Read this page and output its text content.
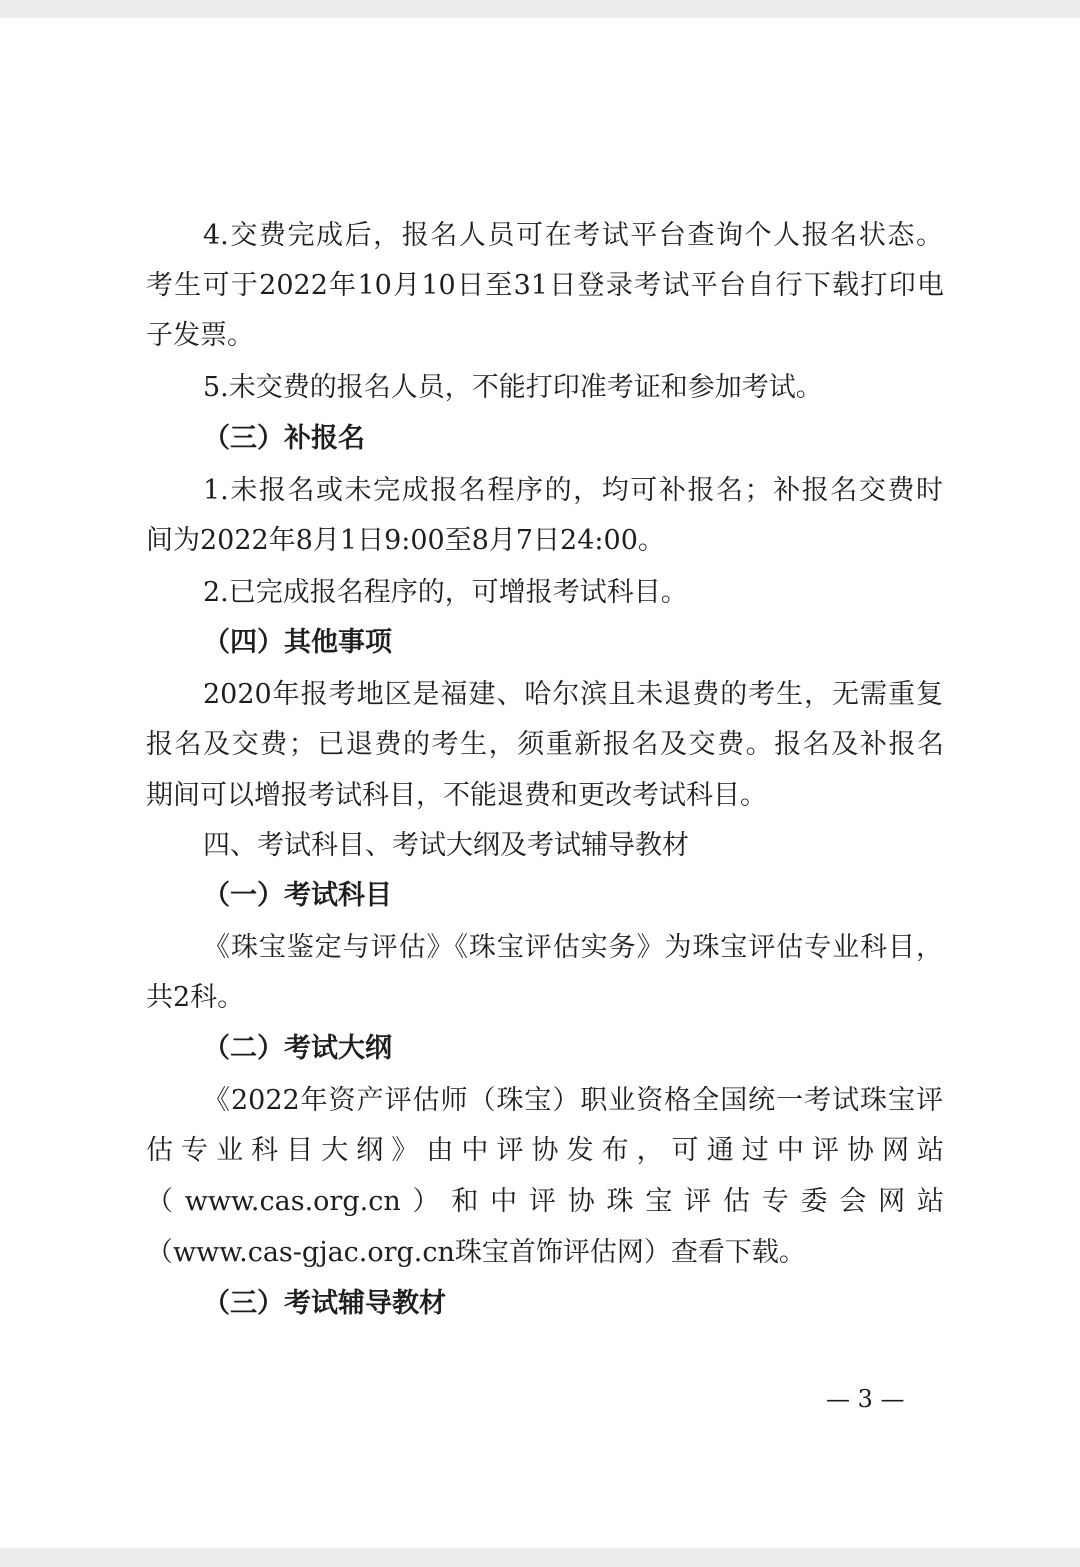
4.交费完成后，报名人员可在考试平台查询个人报名状态。
考生可于2022年10月10日至31日登录考试平台自行下载打印电
子发票。
5.未交费的报名人员，不能打印准考证和参加考试。
（三）补报名
1.未报名或未完成报名程序的，均可补报名；补报名交费时
间为2022年8月1日9:00至8月7日24:00。
2.已完成报名程序的，可增报考试科目。
（四）其他事项
2020年报考地区是福建、哈尔滨且未退费的考生，无需重复
报名及交费；已退费的考生，须重新报名及交费。报名及补报名
期间可以增报考试科目，不能退费和更改考试科目。
四、考试科目、考试大纲及考试辅导教材
（一）考试科目
《珠宝鉴定与评估》《珠宝评估实务》为珠宝评估专业科目，
共2科。
（二）考试大纲
《2022年资产评估师（珠宝）职业资格全国统一考试珠宝评
估专业科目大纲》由中评协发布，可通过中评协网站
（www.cas.org.cn）和中评协珠宝评估专委会网站
（www.cas-gjac.org.cn珠宝首饰评估网）查看下载。
（三）考试辅导教材
— 3 —
